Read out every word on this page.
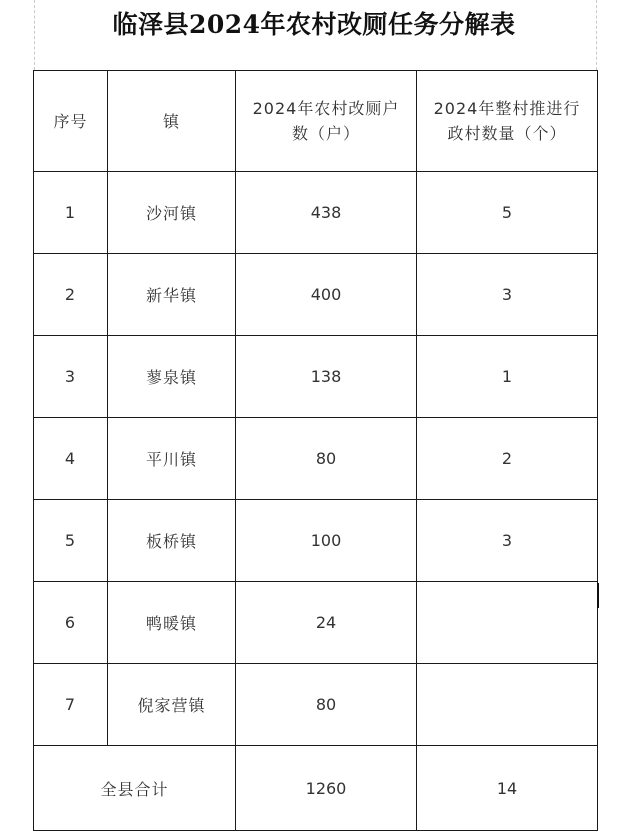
临泽县2024年农村改厕任务分解表
序号	镇	2024年农村改厕户数（户）	2024年整村推进行政村数量（个）
1	沙河镇	438	5
2	新华镇	400	3
3	蓼泉镇	138	1
4	平川镇	80	2
5	板桥镇	100	3
6	鸭暖镇	24	
7	倪家营镇	80	
全县合计		1260	14
